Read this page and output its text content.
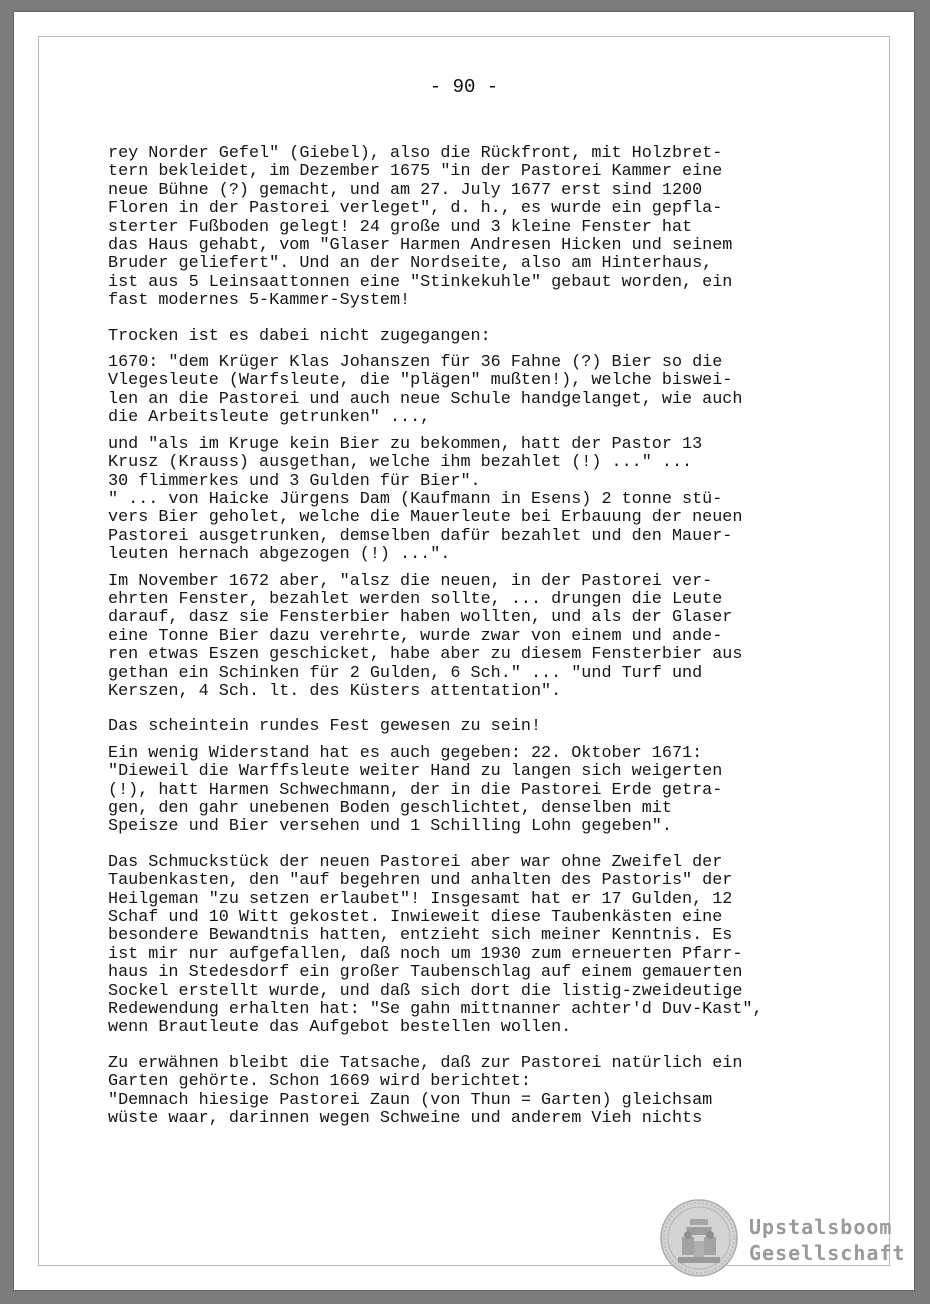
- 90 -

rey Norder Gefel" (Giebel), also die Rückfront, mit Holzbret-
tern bekleidet, im Dezember 1675 "in der Pastorei Kammer eine
neue Bühne (?) gemacht, und am 27. July 1677 erst sind 1200
Floren in der Pastorei verleget", d. h., es wurde ein gepfla-
sterter Fußboden gelegt! 24 große und 3 kleine Fenster hat
das Haus gehabt, vom "Glaser Harmen Andresen Hicken und seinem
Bruder geliefert". Und an der Nordseite, also am Hinterhaus,
ist aus 5 Leinsaattonnen eine "Stinkekuhle" gebaut worden, ein
fast modernes 5-Kammer-System!

Trocken ist es dabei nicht zugegangen:

1670: "dem Krüger Klas Johanszen für 36 Fahne (?) Bier so die
Vlegesleute (Warfsleute, die "plägen" mußten!), welche biswei-
len an die Pastorei und auch neue Schule handgelanget, wie auch
die Arbeitsleute getrunken" ...,

und "als im Kruge kein Bier zu bekommen, hatt der Pastor 13
Krusz (Krauss) ausgethan, welche ihm bezahlet (!) ..." ...
30 flimmerkes und 3 Gulden für Bier".
" ... von Haicke Jürgens Dam (Kaufmann in Esens) 2 tonne stü-
vers Bier geholet, welche die Mauerleute bei Erbauung der neuen
Pastorei ausgetrunken, demselben dafür bezahlet und den Mauer-
leuten hernach abgezogen (!) ...".

Im November 1672 aber, "alsz die neuen, in der Pastorei ver-
ehrten Fenster, bezahlet werden sollte, ... drungen die Leute
darauf, dasz sie Fensterbier haben wollten, und als der Glaser
eine Tonne Bier dazu verehrte, wurde zwar von einem und ande-
ren etwas Eszen geschicket, habe aber zu diesem Fensterbier aus
gethan ein Schinken für 2 Gulden, 6 Sch." ... "und Turf und
Kerszen, 4 Sch. lt. des Küsters attentation".

Das scheintein rundes Fest gewesen zu sein!

Ein wenig Widerstand hat es auch gegeben: 22. Oktober 1671:
"Dieweil die Warffsleute weiter Hand zu langen sich weigerten
(!), hatt Harmen Schwechmann, der in die Pastorei Erde getra-
gen, den gahr unebenen Boden geschlichtet, denselben mit
Speisze und Bier versehen und 1 Schilling Lohn gegeben".

Das Schmuckstück der neuen Pastorei aber war ohne Zweifel der
Taubenkasten, den "auf begehren und anhalten des Pastoris" der
Heilgeman "zu setzen erlaubet"! Insgesamt hat er 17 Gulden, 12
Schaf und 10 Witt gekostet. Inwieweit diese Taubenkästen eine
besondere Bewandtnis hatten, entzieht sich meiner Kenntnis. Es
ist mir nur aufgefallen, daß noch um 1930 zum erneuerten Pfarr-
haus in Stedesdorf ein großer Taubenschlag auf einem gemauerten
Sockel erstellt wurde, und daß sich dort die listig-zweideutige
Redewendung erhalten hat: "Se gahn mittnanner achter'd Duv-Kast",
wenn Brautleute das Aufgebot bestellen wollen.

Zu erwähnen bleibt die Tatsache, daß zur Pastorei natürlich ein
Garten gehörte. Schon 1669 wird berichtet:
"Demnach hiesige Pastorei Zaun (von Thun = Garten) gleichsam
wüste waar, darinnen wegen Schweine und anderem Vieh nichts

Upstalsboom
Gesellschaft
